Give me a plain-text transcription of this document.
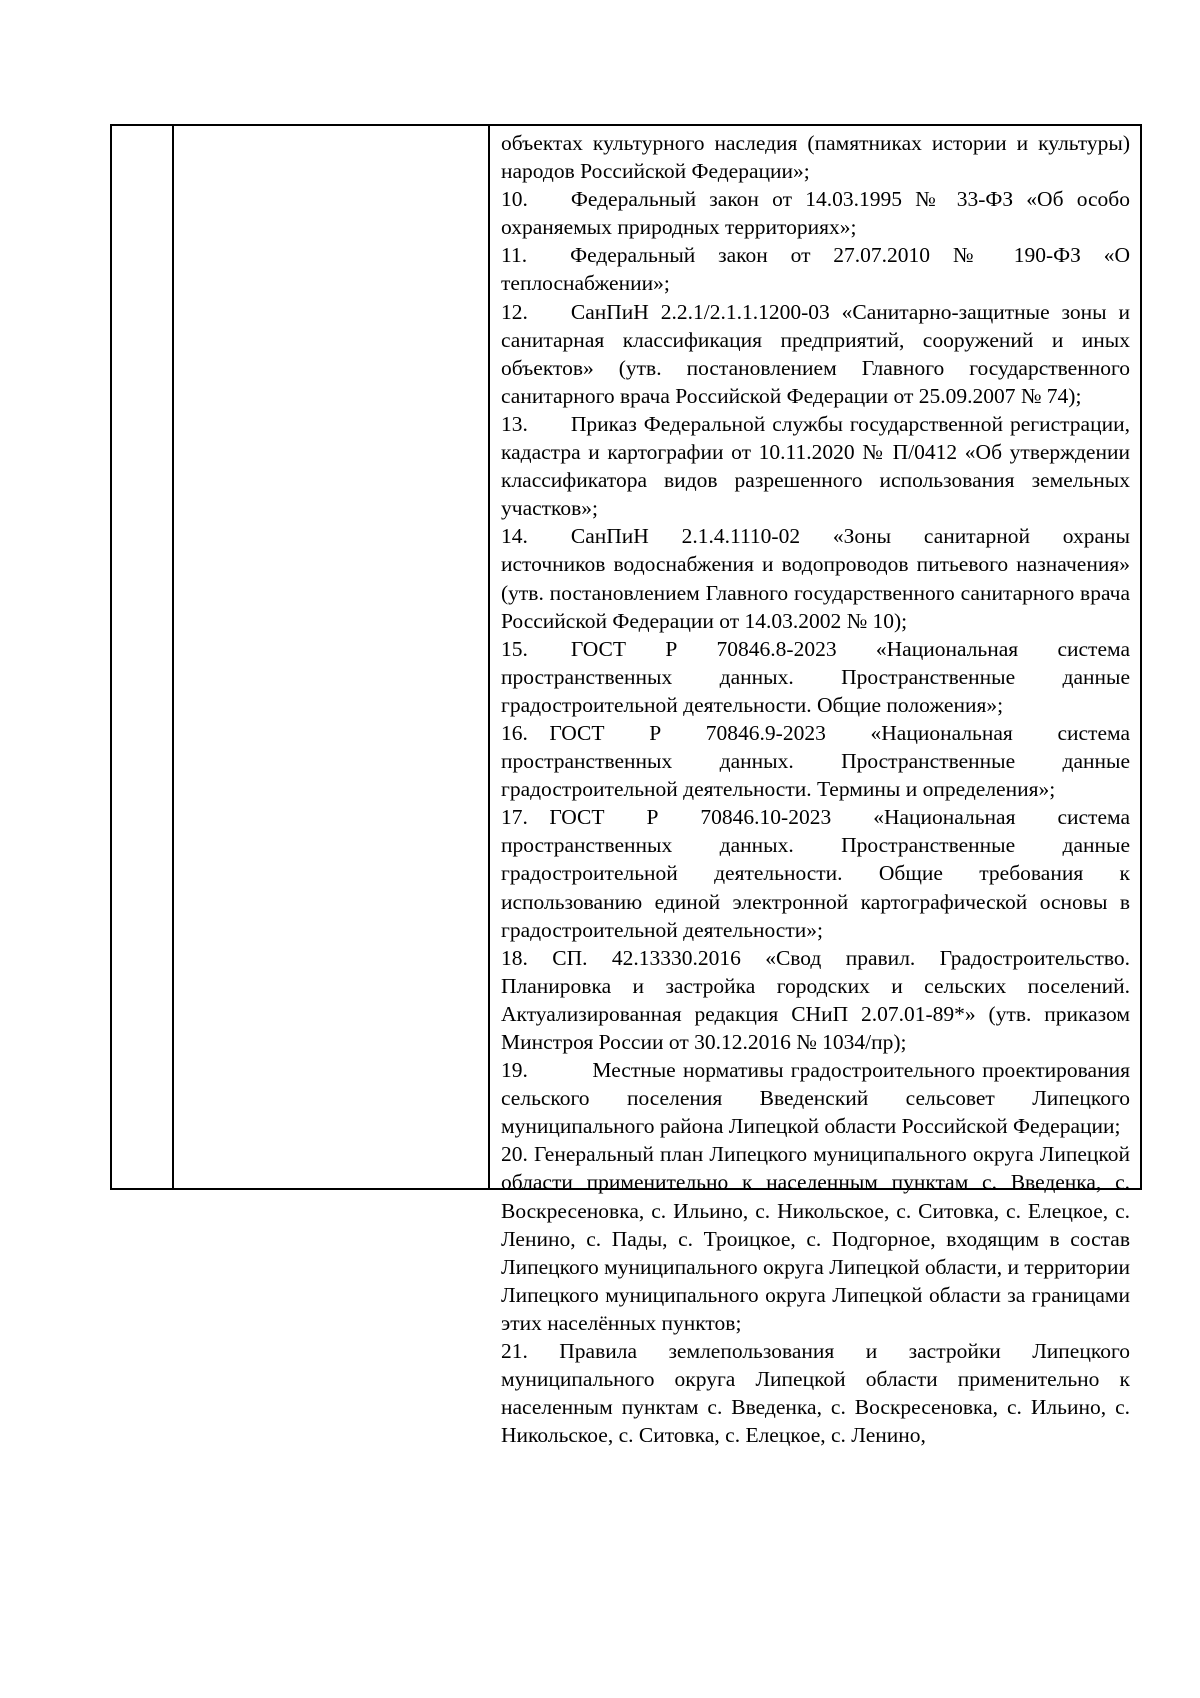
объектах культурного наследия (памятниках истории и культуры) народов Российской Федерации»;

10.  Федеральный закон от 14.03.1995 № 33-ФЗ «Об особо охраняемых природных территориях»;

11.  Федеральный закон от 27.07.2010 № 190-ФЗ «О теплоснабжении»;

12.  СанПиН 2.2.1/2.1.1.1200-03 «Санитарно-защитные зоны и санитарная классификация предприятий, сооружений и иных объектов» (утв. постановлением Главного государственного санитарного врача Российской Федерации от 25.09.2007 № 74);

13.  Приказ Федеральной службы государственной регистрации, кадастра и картографии от 10.11.2020 № П/0412 «Об утверждении классификатора видов разрешенного использования земельных участков»;

14.  СанПиН 2.1.4.1110-02 «Зоны санитарной охраны источников водоснабжения и водопроводов питьевого назначения» (утв. постановлением Главного государственного санитарного врача Российской Федерации от 14.03.2002 № 10);

15.  ГОСТ Р 70846.8-2023 «Национальная система пространственных данных. Пространственные данные градостроительной деятельности. Общие положения»;

16. ГОСТ Р 70846.9-2023 «Национальная система пространственных данных. Пространственные данные градостроительной деятельности. Термины и определения»;

17. ГОСТ Р 70846.10-2023 «Национальная система пространственных данных. Пространственные данные градостроительной деятельности. Общие требования к использованию единой электронной картографической основы в градостроительной деятельности»;

18. СП. 42.13330.2016 «Свод правил. Градостроительство. Планировка и застройка городских и сельских поселений. Актуализированная редакция СНиП 2.07.01-89*» (утв. приказом Минстроя России от 30.12.2016 № 1034/пр);

19.   Местные нормативы градостроительного проектирования сельского поселения Введенский сельсовет Липецкого муниципального района Липецкой области Российской Федерации;

20. Генеральный план Липецкого муниципального округа Липецкой области применительно к населенным пунктам с. Введенка, с. Воскресеновка, с. Ильино, с. Никольское, с. Ситовка, с. Елецкое, с. Ленино, с. Пады, с. Троицкое, с. Подгорное, входящим в состав Липецкого муниципального округа Липецкой области, и территории Липецкого муниципального округа Липецкой области за границами этих населённых пунктов;

21. Правила землепользования и застройки Липецкого муниципального округа Липецкой области применительно к населенным пунктам с. Введенка, с. Воскресеновка, с. Ильино, с. Никольское, с. Ситовка, с. Елецкое, с. Ленино,
